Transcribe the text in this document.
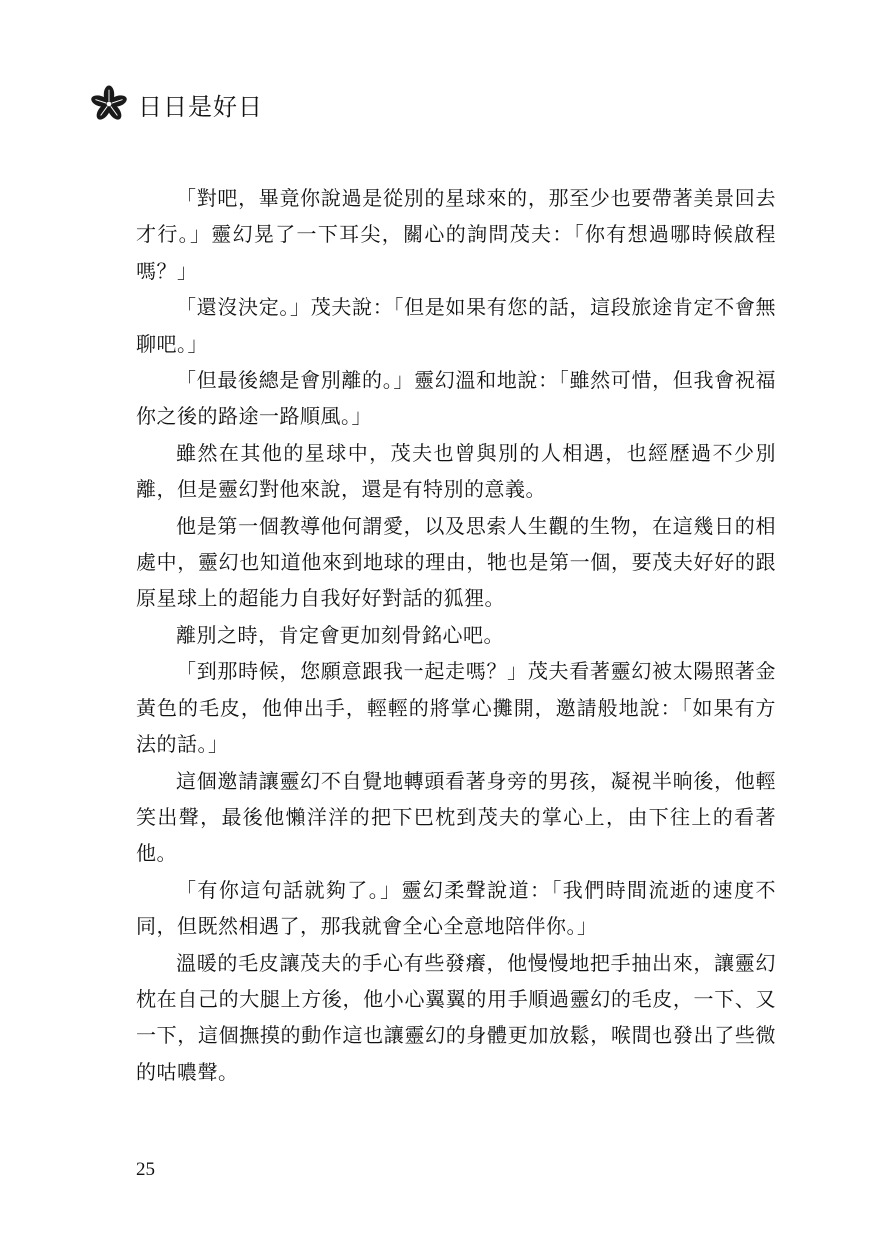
日日是好日

「對吧，畢竟你說過是從別的星球來的，那至少也要帶著美景回去才行。」靈幻晃了一下耳尖，關心的詢問茂夫：「你有想過哪時候啟程嗎？」

「還沒決定。」茂夫說：「但是如果有您的話，這段旅途肯定不會無聊吧。」

「但最後總是會別離的。」靈幻溫和地說：「雖然可惜，但我會祝福你之後的路途一路順風。」

雖然在其他的星球中，茂夫也曾與別的人相遇，也經歷過不少別離，但是靈幻對他來說，還是有特別的意義。

他是第一個教導他何謂愛，以及思索人生觀的生物，在這幾日的相處中，靈幻也知道他來到地球的理由，牠也是第一個，要茂夫好好的跟原星球上的超能力自我好好對話的狐狸。

離別之時，肯定會更加刻骨銘心吧。

「到那時候，您願意跟我一起走嗎？」茂夫看著靈幻被太陽照著金黃色的毛皮，他伸出手，輕輕的將掌心攤開，邀請般地說：「如果有方法的話。」

這個邀請讓靈幻不自覺地轉頭看著身旁的男孩，凝視半晌後，他輕笑出聲，最後他懶洋洋的把下巴枕到茂夫的掌心上，由下往上的看著他。

「有你這句話就夠了。」靈幻柔聲說道：「我們時間流逝的速度不同，但既然相遇了，那我就會全心全意地陪伴你。」

溫暖的毛皮讓茂夫的手心有些發癢，他慢慢地把手抽出來，讓靈幻枕在自己的大腿上方後，他小心翼翼的用手順過靈幻的毛皮，一下、又一下，這個撫摸的動作這也讓靈幻的身體更加放鬆，喉間也發出了些微的咕噥聲。

25
